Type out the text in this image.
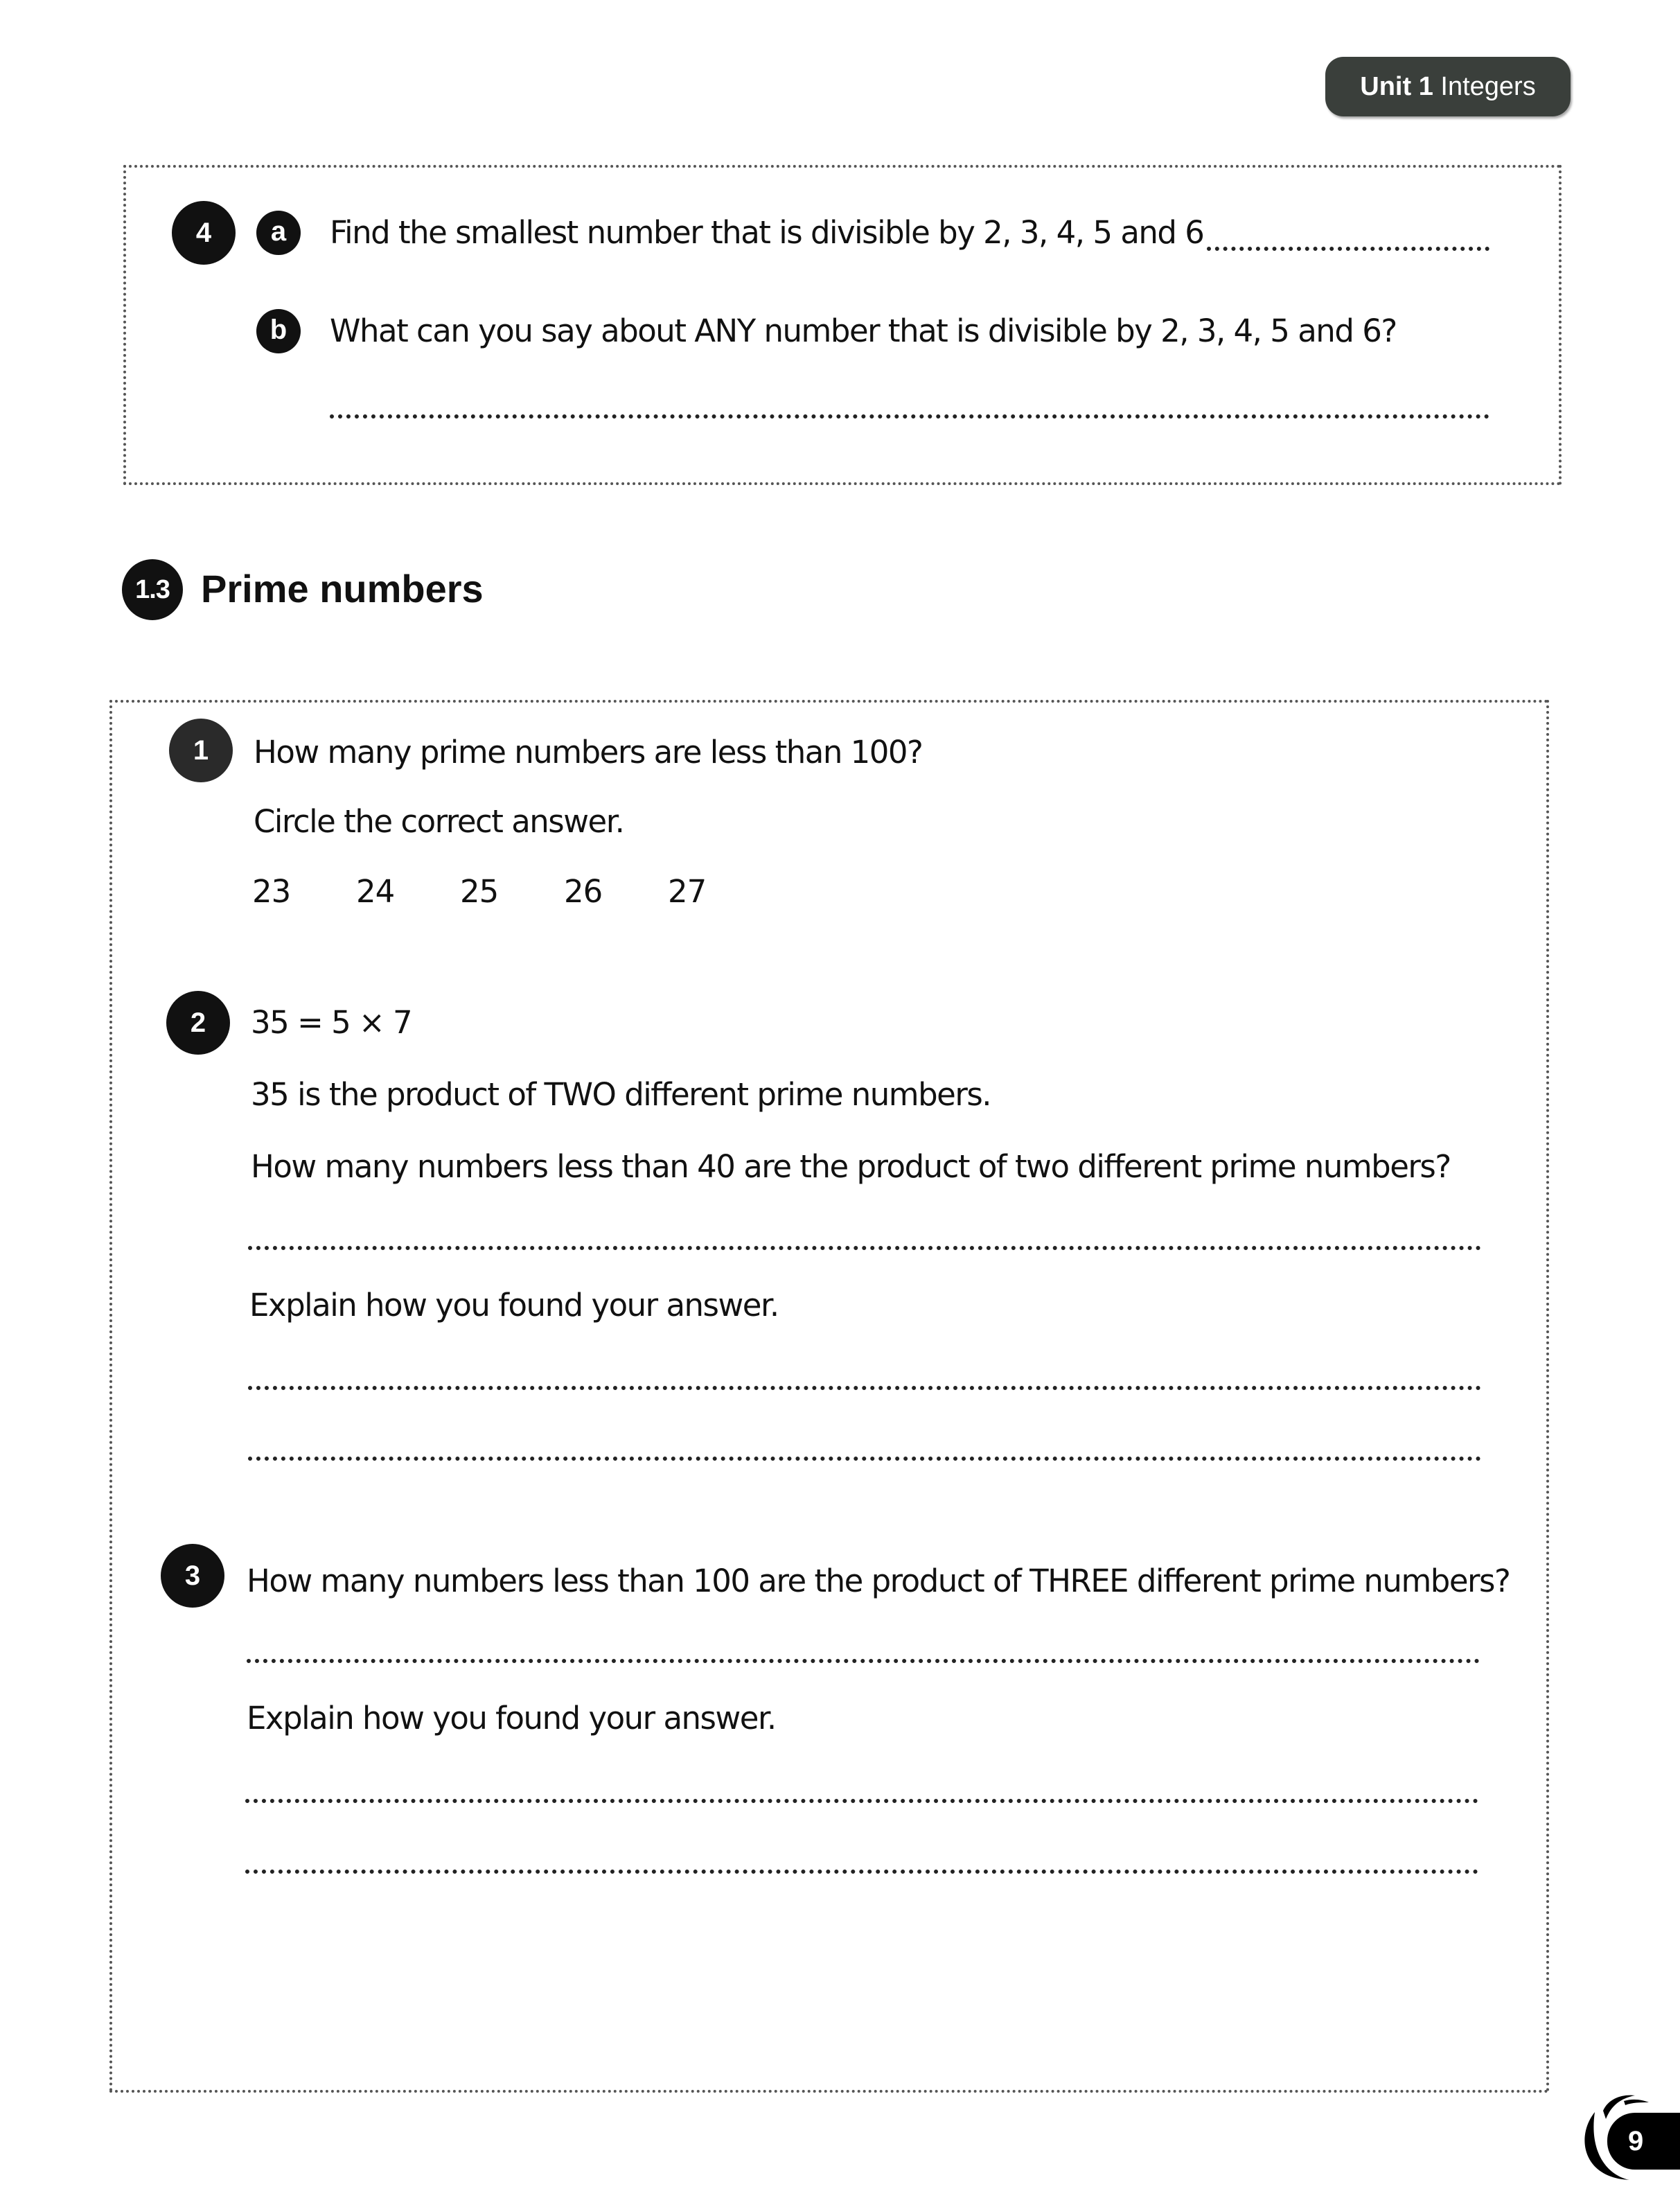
Unit 1 Integers
4	a	Find the smallest number that is divisible by 2, 3, 4, 5 and 6
b	What can you say about ANY number that is divisible by 2, 3, 4, 5 and 6?
1.3 Prime numbers
1	How many prime numbers are less than 100?
Circle the correct answer.
23 24 25 26 27
2	35 = 5 × 7
35 is the product of TWO different prime numbers.
How many numbers less than 40 are the product of two different prime numbers?
Explain how you found your answer.
3	How many numbers less than 100 are the product of THREE different prime numbers?
Explain how you found your answer.
9
